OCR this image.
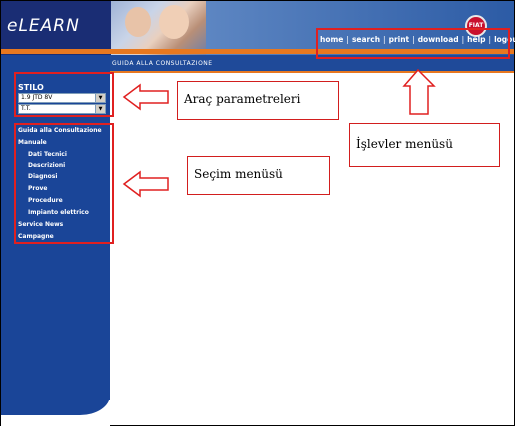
eLEARN	FIAT
home | search | print | download | help | logout
GUIDA ALLA CONSULTAZIONE
STILO
1.9 JTD 8V	▼
T.T.	▼
Guida alla Consultazione
Manuale
Dati Tecnici
Descrizioni
Diagnosi
Prove
Procedure
Impianto elettrico
Service News
Campagne
Araç parametreleri
İşlevler menüsü
Seçim menüsü
